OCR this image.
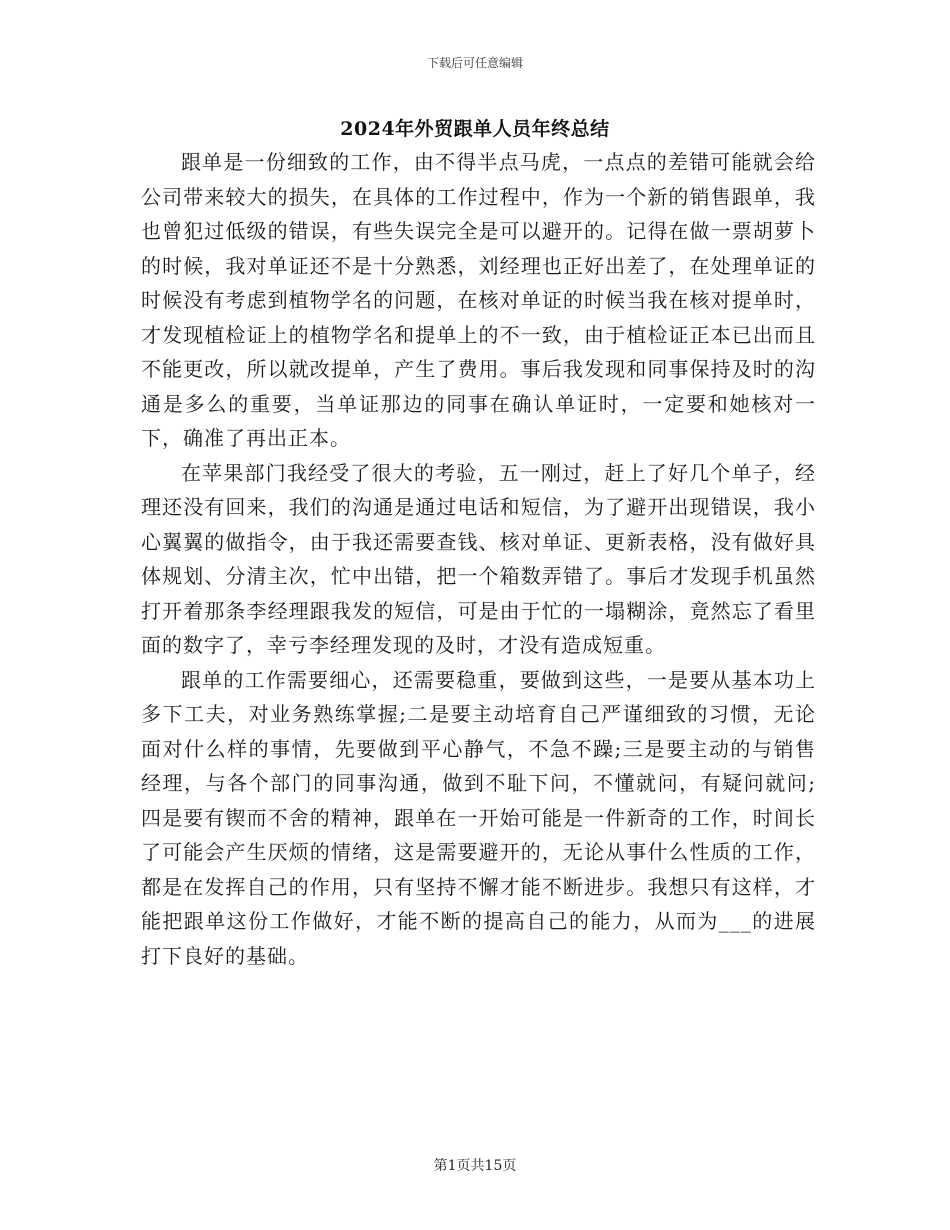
下载后可任意编辑
2024年外贸跟单人员年终总结

跟单是一份细致的工作，由不得半点马虎，一点点的差错可能就会给公司带来较大的损失，在具体的工作过程中，作为一个新的销售跟单，我也曾犯过低级的错误，有些失误完全是可以避开的。记得在做一票胡萝卜的时候，我对单证还不是十分熟悉，刘经理也正好出差了，在处理单证的时候没有考虑到植物学名的问题，在核对单证的时候当我在核对提单时，才发现植检证上的植物学名和提单上的不一致，由于植检证正本已出而且不能更改，所以就改提单，产生了费用。事后我发现和同事保持及时的沟通是多么的重要，当单证那边的同事在确认单证时，一定要和她核对一下，确准了再出正本。

在苹果部门我经受了很大的考验，五一刚过，赶上了好几个单子，经理还没有回来，我们的沟通是通过电话和短信，为了避开出现错误，我小心翼翼的做指令，由于我还需要查钱、核对单证、更新表格，没有做好具体规划、分清主次，忙中出错，把一个箱数弄错了。事后才发现手机虽然打开着那条李经理跟我发的短信，可是由于忙的一塌糊涂，竟然忘了看里面的数字了，幸亏李经理发现的及时，才没有造成短重。

跟单的工作需要细心，还需要稳重，要做到这些，一是要从基本功上多下工夫，对业务熟练掌握;二是要主动培育自己严谨细致的习惯，无论面对什么样的事情，先要做到平心静气，不急不躁;三是要主动的与销售经理，与各个部门的同事沟通，做到不耻下问，不懂就问，有疑问就问;四是要有锲而不舍的精神，跟单在一开始可能是一件新奇的工作，时间长了可能会产生厌烦的情绪，这是需要避开的，无论从事什么性质的工作，都是在发挥自己的作用，只有坚持不懈才能不断进步。我想只有这样，才能把跟单这份工作做好，才能不断的提高自己的能力，从而为___的进展打下良好的基础。

第1页共15页
